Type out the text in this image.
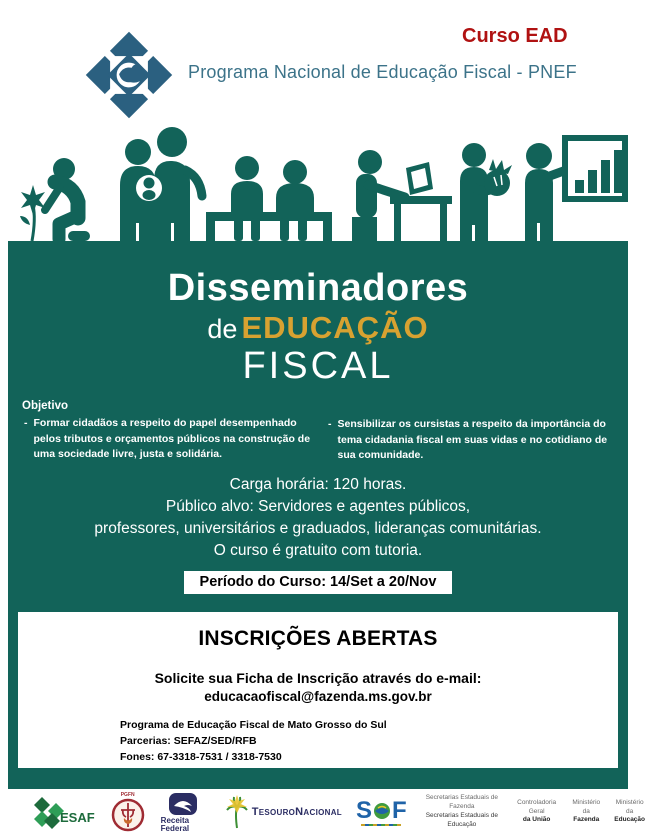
Programa Nacional de Educação Fiscal - PNEF
Curso EAD
Disseminadores
de EDUCAÇÃO
FISCAL
Objetivo
- Formar cidadãos a respeito do papel desempenhado pelos tributos e orçamentos públicos na construção de uma sociedade livre, justa e solidária.
- Sensibilizar os cursistas a respeito da importância do tema cidadania fiscal em suas vidas e no cotidiano de sua comunidade.
Carga horária: 120 horas.
Público alvo: Servidores e agentes públicos,
professores, universitários e graduados, lideranças comunitárias.
O curso é gratuito com tutoria.
Período do Curso: 14/Set a 20/Nov
INSCRIÇÕES ABERTAS
Solicite sua Ficha de Inscrição através do e-mail:
educacaofiscal@fazenda.ms.gov.br
Programa de Educação Fiscal de Mato Grosso do Sul
Parcerias: SEFAZ/SED/RFB
Fones: 67-3318-7531 / 3318-7530
ESAF
PGFN
Receita Federal
TesouroNacional S F	Secretarias Estaduais de Fazenda
Secretarias Estaduais de Educação
Controladoria Geral
da União
Ministério da
Fazenda
Ministério da
Educação
